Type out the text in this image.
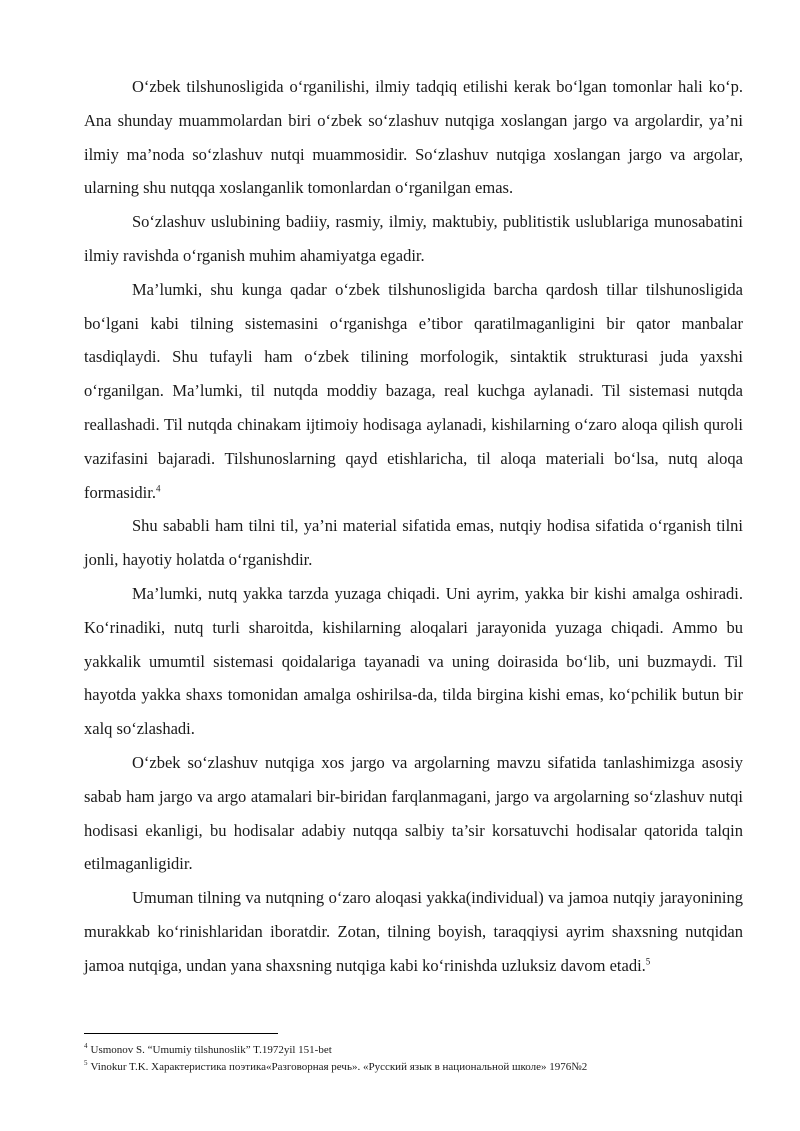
O‘zbek tilshunosligida o‘rganilishi, ilmiy tadqiq etilishi kerak bo‘lgan tomonlar hali ko‘p. Ana shunday muammolardan biri o‘zbek so‘zlashuv nutqiga xoslangan jargo va argolardir, ya’ni ilmiy ma’noda so‘zlashuv nutqi muammosidir. So‘zlashuv nutqiga xoslangan jargo va argolar, ularning shu nutqqa xoslanganlik tomonlardan o‘rganilgan emas.

So‘zlashuv uslubining badiiy, rasmiy, ilmiy, maktubiy, publitistik uslublariga munosabatini ilmiy ravishda o‘rganish muhim ahamiyatga egadir.

Ma’lumki, shu kunga qadar o‘zbek tilshunosligida barcha qardosh tillar tilshunosligida bo‘lgani kabi tilning sistemasini o‘rganishga e’tibor qaratilmaganligini bir qator manbalar tasdiqlaydi. Shu tufayli ham o‘zbek tilining morfologik, sintaktik strukturasi juda yaxshi o‘rganilgan. Ma’lumki, til nutqda moddiy bazaga, real kuchga aylanadi. Til sistemasi nutqda reallashadi. Til nutqda chinakam ijtimoiy hodisaga aylanadi, kishilarning o‘zaro aloqa qilish quroli vazifasini bajaradi. Tilshunoslarning qayd etishlaricha, til aloqa materiali bo‘lsa, nutq aloqa formasidir.$^4$

Shu sababli ham tilni til, ya’ni material sifatida emas, nutqiy hodisa sifatida o‘rganish tilni jonli, hayotiy holatda o‘rganishdir.

Ma’lumki, nutq yakka tarzda yuzaga chiqadi. Uni ayrim, yakka bir kishi amalga oshiradi. Ko‘rinadiki, nutq turli sharoitda, kishilarning aloqalari jarayonida yuzaga chiqadi. Ammo bu yakkalik umumtil sistemasi qoidalariga tayanadi va uning doirasida bo‘lib, uni buzmaydi. Til hayotda yakka shaxs tomonidan amalga oshirilsa-da, tilda birgina kishi emas, ko‘pchilik butun bir xalq so‘zlashadi.

O‘zbek so‘zlashuv nutqiga xos jargo va argolarning mavzu sifatida tanlashimizga asosiy sabab ham jargo va argo atamalari bir-biridan farqlanmagani, jargo va argolarning so‘zlashuv nutqi hodisasi ekanligi, bu hodisalar adabiy nutqqa salbiy ta’sir korsatuvchi hodisalar qatorida talqin etilmaganligidir.

Umuman tilning va nutqning o‘zaro aloqasi yakka(individual) va jamoa nutqiy jarayonining murakkab ko‘rinishlaridan iboratdir. Zotan, tilning boyish, taraqqiysi ayrim shaxsning nutqidan jamoa nutqiga, undan yana shaxsning nutqiga kabi ko‘rinishda uzluksiz davom etadi.$^5$

$^4$ Usmonov S. “Umumiy tilshunoslik” T.1972yil 151-bet
$^5$ Vinokur T.K. Характеристика поэтика«Разговорная речь». «Русский язык в национальной школе» 1976№2
